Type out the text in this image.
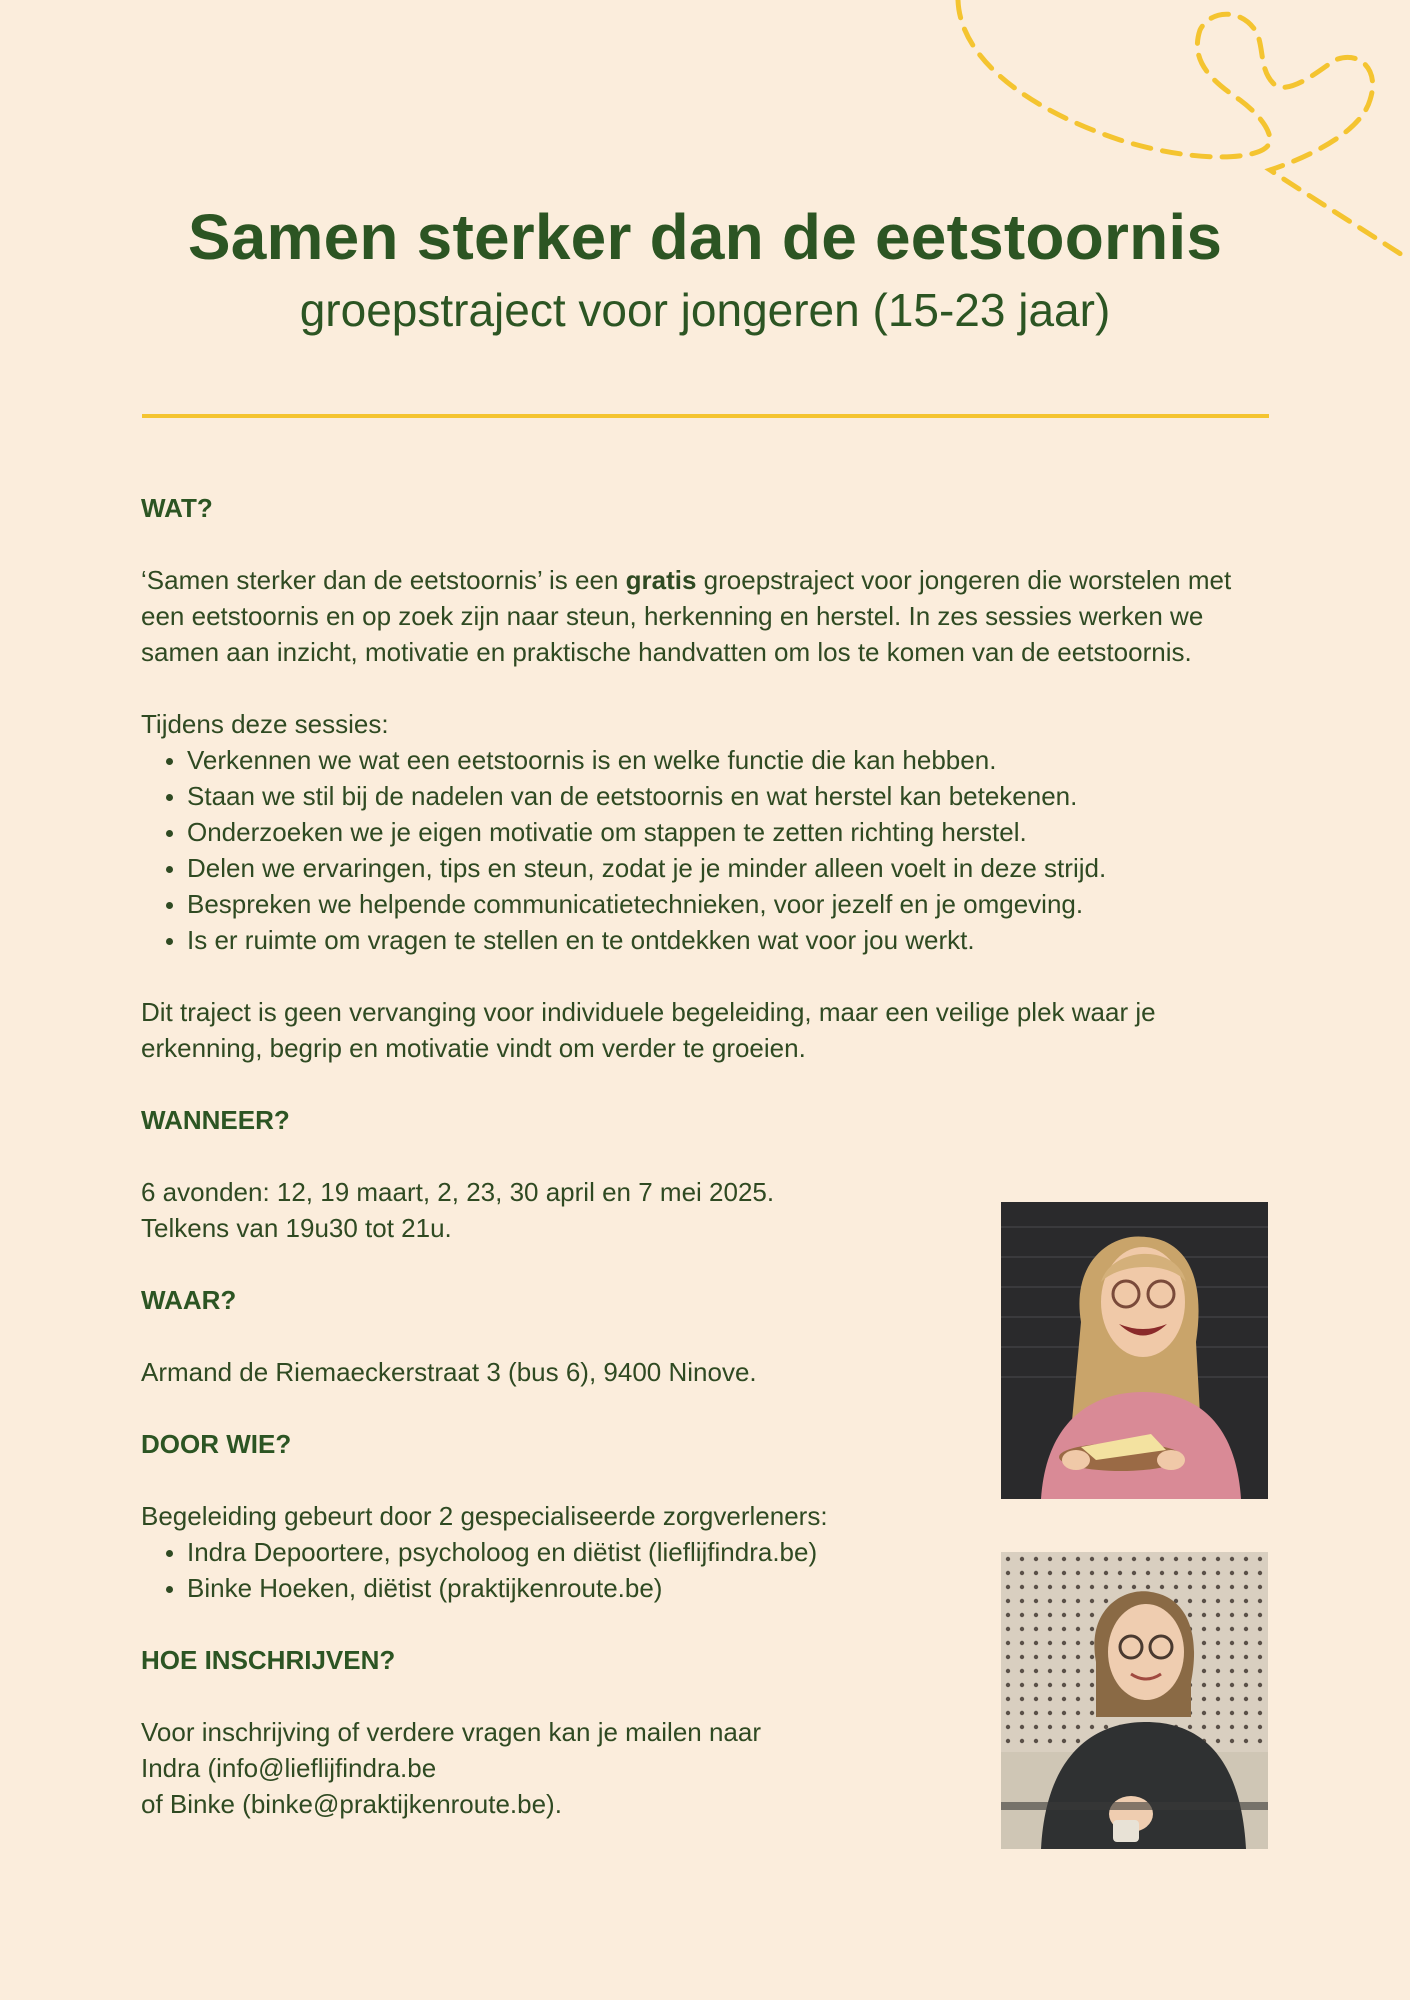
Samen sterker dan de eetstoornis
groepstraject voor jongeren (15-23 jaar)
WAT?

‘Samen sterker dan de eetstoornis’ is een gratis groepstraject voor jongeren die worstelen met een eetstoornis en op zoek zijn naar steun, herkenning en herstel. In zes sessies werken we samen aan inzicht, motivatie en praktische handvatten om los te komen van de eetstoornis.

Tijdens deze sessies:

• Verkennen we wat een eetstoornis is en welke functie die kan hebben.
• Staan we stil bij de nadelen van de eetstoornis en wat herstel kan betekenen.
• Onderzoeken we je eigen motivatie om stappen te zetten richting herstel.
• Delen we ervaringen, tips en steun, zodat je je minder alleen voelt in deze strijd.
• Bespreken we helpende communicatietechnieken, voor jezelf en je omgeving.
• Is er ruimte om vragen te stellen en te ontdekken wat voor jou werkt.

Dit traject is geen vervanging voor individuele begeleiding, maar een veilige plek waar je erkenning, begrip en motivatie vindt om verder te groeien.

WANNEER?

6 avonden: 12, 19 maart, 2, 23, 30 april en 7 mei 2025.

Telkens van 19u30 tot 21u.

WAAR?

Armand de Riemaeckerstraat 3 (bus 6), 9400 Ninove.

DOOR WIE?

Begeleiding gebeurt door 2 gespecialiseerde zorgverleners:

• Indra Depoortere, psycholoog en diëtist (lieflijfindra.be)
• Binke Hoeken, diëtist (praktijkenroute.be)
HOE INSCHRIJVEN?

Voor inschrijving of verdere vragen kan je mailen naar

Indra (info@lieflijfindra.be

of Binke (binke@praktijkenroute.be).
